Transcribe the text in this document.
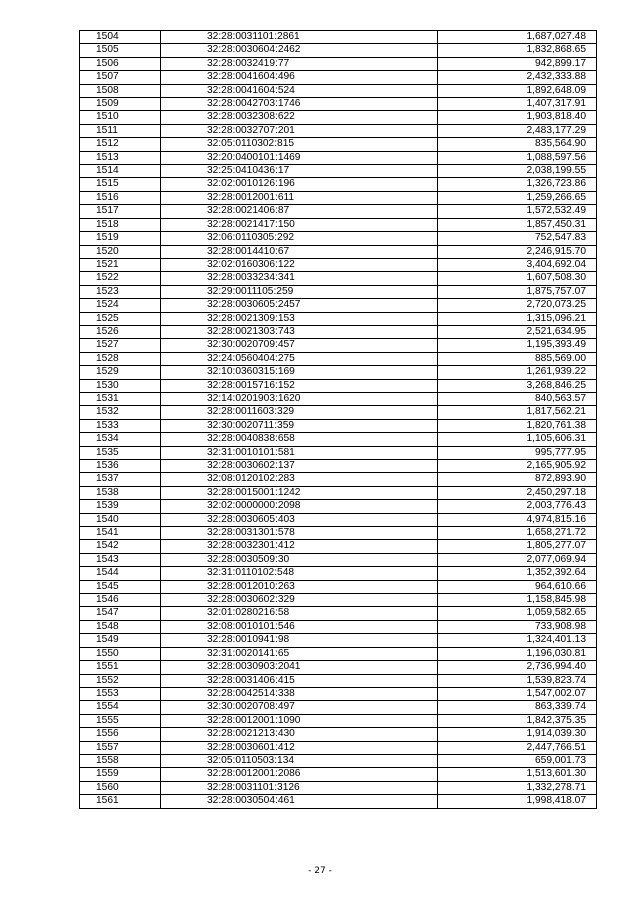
1504	32:28:0031101:2861	1,687,027.48
1505	32:28:0030604:2462	1,832,868.65
1506	32:28:0032419:77	942,899.17
1507	32:28:0041604:496	2,432,333.88
1508	32:28:0041604:524	1,892,648.09
1509	32:28:0042703:1746	1,407,317.91
1510	32:28:0032308:622	1,903,818.40
1511	32:28:0032707:201	2,483,177.29
1512	32:05:0110302:815	835,564.90
1513	32:20:0400101:1469	1,088,597.56
1514	32:25:0410436:17	2,038,199.55
1515	32:02:0010126:196	1,326,723.86
1516	32:28:0012001:611	1,259,266.65
1517	32:28:0021406:87	1,572,532.49
1518	32:28:0021417:150	1,857,450.31
1519	32:06:0110305:292	752,547.83
1520	32:28:0014410:67	2,246,915.70
1521	32:02:0160306:122	3,404,692.04
1522	32:28:0033234:341	1,607,508.30
1523	32:29:0011105:259	1,875,757.07
1524	32:28:0030605:2457	2,720,073.25
1525	32:28:0021309:153	1,315,096.21
1526	32:28:0021303:743	2,521,634.95
1527	32:30:0020709:457	1,195,393.49
1528	32:24:0560404:275	885,569.00
1529	32:10:0360315:169	1,261,939.22
1530	32:28:0015716:152	3,268,846.25
1531	32:14:0201903:1620	840,563.57
1532	32:28:0011603:329	1,817,562.21
1533	32:30:0020711:359	1,820,761.38
1534	32:28:0040838:658	1,105,606.31
1535	32:31:0010101:581	995,777.95
1536	32:28:0030602:137	2,165,905.92
1537	32:08:0120102:283	872,893.90
1538	32:28:0015001:1242	2,450,297.18
1539	32:02:0000000:2098	2,003,776.43
1540	32:28:0030605:403	4,974,815.16
1541	32:28:0031301:578	1,658,271.72
1542	32:28:0032301:412	1,805,277.07
1543	32:28:0030509:30	2,077,069.94
1544	32:31:0110102:548	1,352,392.64
1545	32:28:0012010:263	964,610.66
1546	32:28:0030602:329	1,158,845.98
1547	32:01:0280216:58	1,059,582.65
1548	32:08:0010101:546	733,908.98
1549	32:28:0010941:98	1,324,401.13
1550	32:31:0020141:65	1,196,030.81
1551	32:28:0030903:2041	2,736,994.40
1552	32:28:0031406:415	1,539,823.74
1553	32:28:0042514:338	1,547,002.07
1554	32:30:0020708:497	863,339.74
1555	32:28:0012001:1090	1,842,375.35
1556	32:28:0021213:430	1,914,039.30
1557	32:28:0030601:412	2,447,766.51
1558	32:05:0110503:134	659,001.73
1559	32:28:0012001:2086	1,513,601.30
1560	32:28:0031101:3126	1,332,278.71
1561	32:28:0030504:461	1,998,418.07
- 27 -
